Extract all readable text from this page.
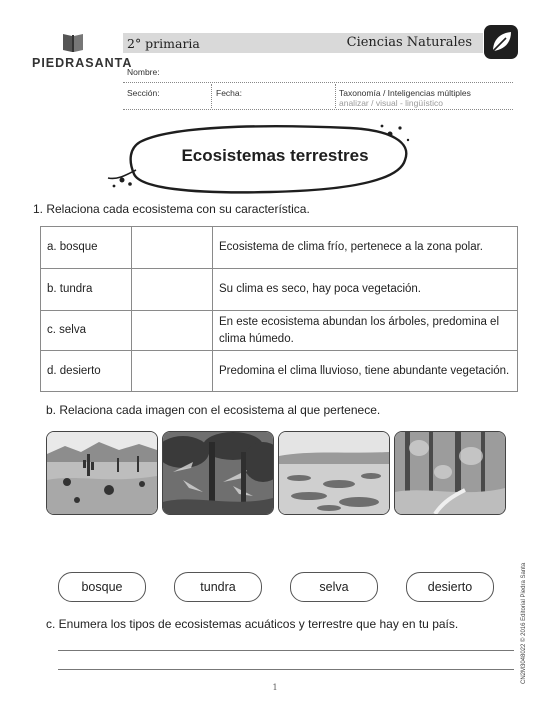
PIEDRASANTA
2° primaria	Ciencias Naturales
Nombre:
Sección:	Fecha:	Taxonomía / Inteligencias múltiples
analizar / visual - lingüístico
Ecosistemas terrestres
1. Relaciona cada ecosistema con su característica.
a. bosque		Ecosistema de clima frío, pertenece a la zona polar.
b. tundra		Su clima es seco, hay poca vegetación.
c. selva		En este ecosistema abundan los árboles, predomina el clima húmedo.
d. desierto		Predomina el clima lluvioso, tiene abundante vegetación.
b. Relaciona cada imagen con el ecosistema al que pertenece.
bosque	tundra	selva	desierto
c. Enumera los tipos de ecosistemas acuáticos y terrestre que hay en tu país.
1
CN2M3048022 © 2016 Editorial Piedra Santa
